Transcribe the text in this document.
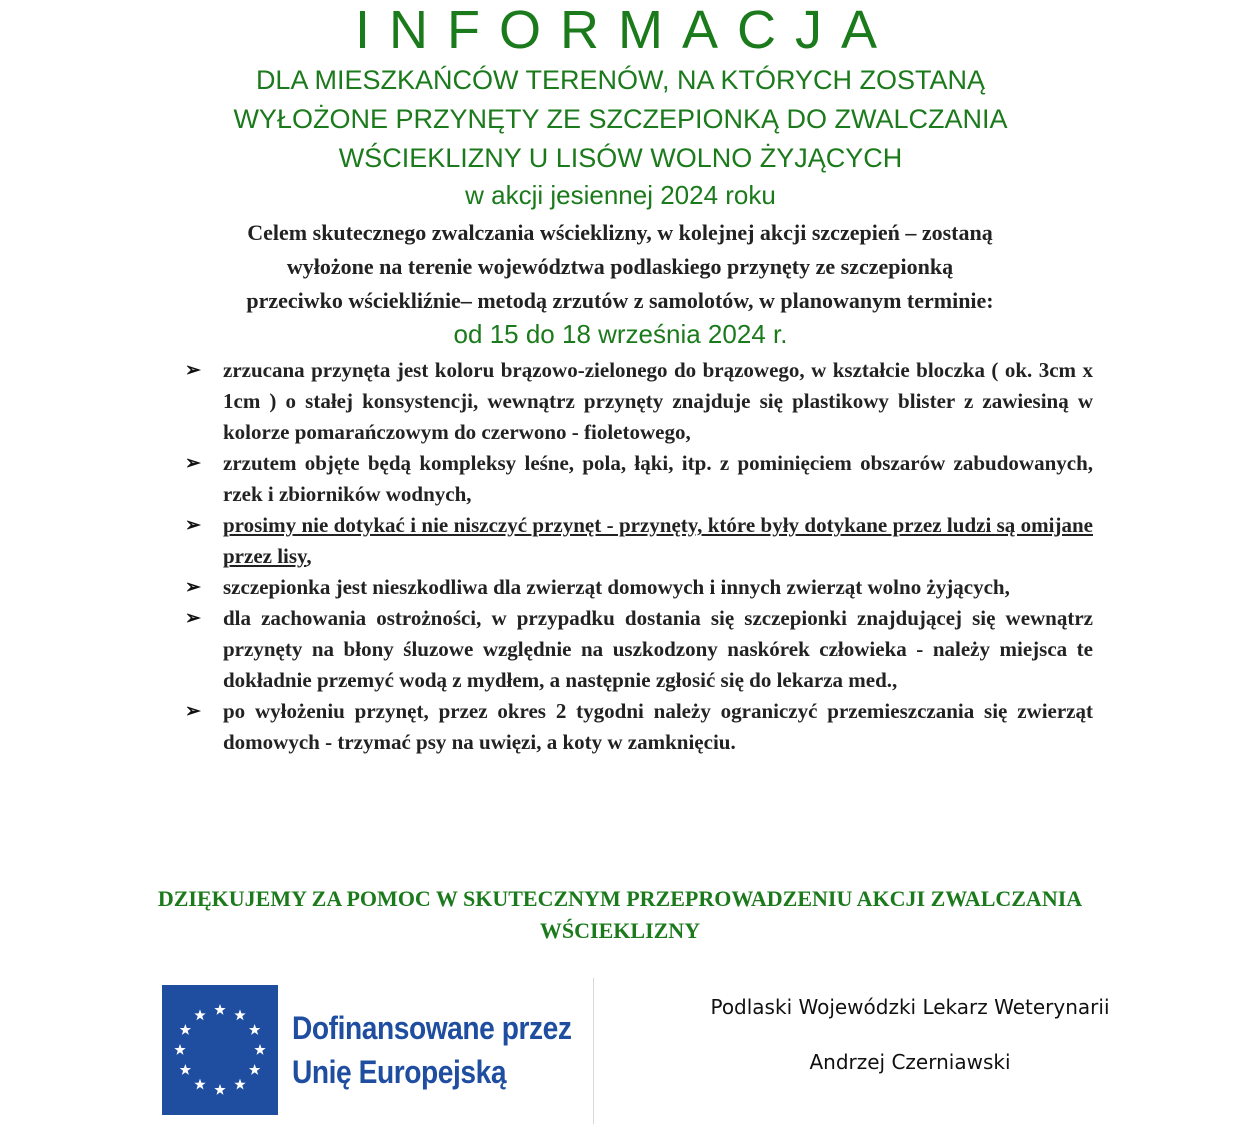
INFORMACJA
DLA MIESZKAŃCÓW TERENÓW, NA KTÓRYCH ZOSTANĄ
WYŁOŻONE PRZYNĘTY ZE SZCZEPIONKĄ DO ZWALCZANIA
WŚCIEKLIZNY U LISÓW WOLNO ŻYJĄCYCH
w akcji jesiennej 2024 roku
Celem skutecznego zwalczania wścieklizny, w kolejnej akcji szczepień – zostaną
wyłożone na terenie województwa podlaskiego przynęty ze szczepionką
przeciwko wściekliźnie– metodą zrzutów z samolotów, w planowanym terminie:
od 15 do 18 września 2024 r.
➢ zrzucana przynęta jest koloru brązowo-zielonego do brązowego, w kształcie bloczka ( ok. 3cm x 1cm ) o stałej konsystencji, wewnątrz przynęty znajduje się plastikowy blister z zawiesiną w kolorze pomarańczowym do czerwono - fioletowego,
➢ zrzutem objęte będą kompleksy leśne, pola, łąki, itp. z pominięciem obszarów zabudowanych, rzek i zbiorników wodnych,
➢ prosimy nie dotykać i nie niszczyć przynęt - przynęty, które były dotykane przez ludzi są omijane przez lisy,
➢ szczepionka jest nieszkodliwa dla zwierząt domowych i innych zwierząt wolno żyjących,
➢ dla zachowania ostrożności, w przypadku dostania się szczepionki znajdującej się wewnątrz przynęty na błony śluzowe względnie na uszkodzony naskórek człowieka - należy miejsca te dokładnie przemyć wodą z mydłem, a następnie zgłosić się do lekarza med.,
➢ po wyłożeniu przynęt, przez okres 2 tygodni należy ograniczyć przemieszczania się zwierząt domowych - trzymać psy na uwięzi, a koty w zamknięciu.
DZIĘKUJEMY ZA POMOC W SKUTECZNYM PRZEPROWADZENIU AKCJI ZWALCZANIA
WŚCIEKLIZNY
Dofinansowane przez
Unię Europejską
Podlaski Wojewódzki Lekarz Weterynarii
Andrzej Czerniawski
